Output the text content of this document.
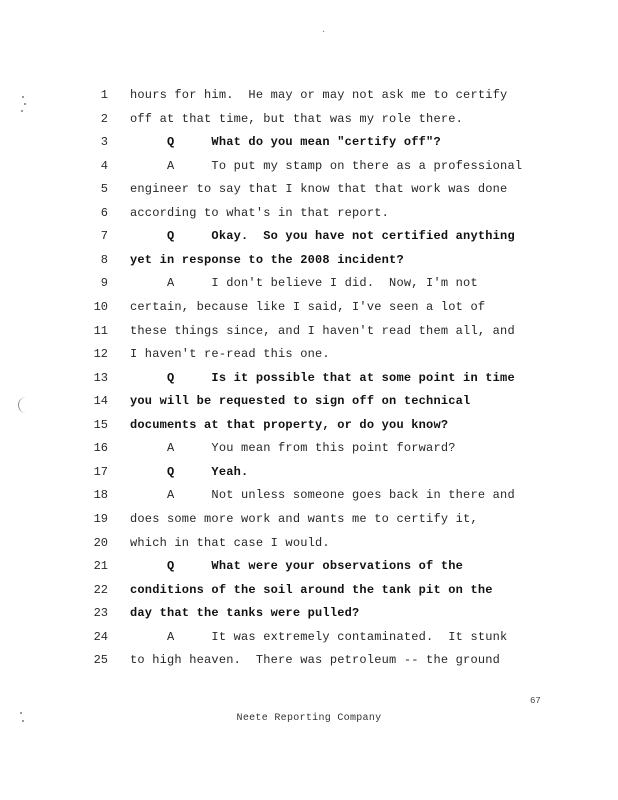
.
1 hours for him.  He may or may not ask me to certify
2 off at that time, but that was my role there.
3 Q     What do you mean "certify off"?
4 A     To put my stamp on there as a professional
5 engineer to say that I know that that work was done
6 according to what's in that report.
7 Q     Okay.  So you have not certified anything
8 yet in response to the 2008 incident?
9 A     I don't believe I did.  Now, I'm not
10 certain, because like I said, I've seen a lot of
11 these things since, and I haven't read them all, and
12 I haven't re-read this one.
13 Q     Is it possible that at some point in time
14 you will be requested to sign off on technical
15 documents at that property, or do you know?
16 A     You mean from this point forward?
17 Q     Yeah.
18 A     Not unless someone goes back in there and
19 does some more work and wants me to certify it,
20 which in that case I would.
21 Q     What were your observations of the
22 conditions of the soil around the tank pit on the
23 day that the tanks were pulled?
24 A     It was extremely contaminated.  It stunk
25 to high heaven.  There was petroleum -- the ground
67
Neete Reporting Company
